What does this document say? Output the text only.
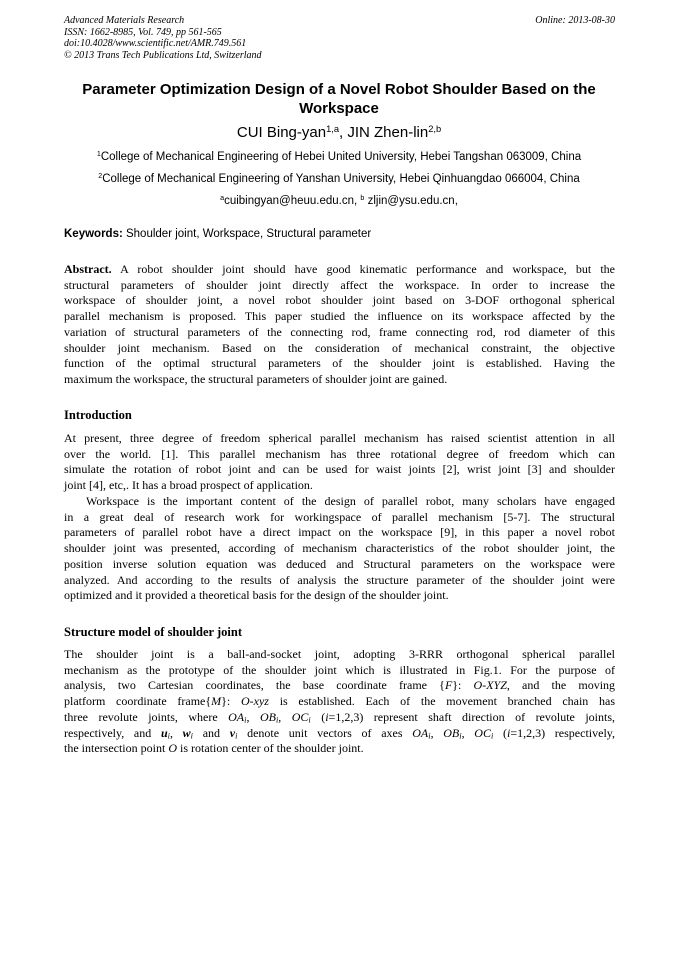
Advanced Materials Research
ISSN: 1662-8985, Vol. 749, pp 561-565
doi:10.4028/www.scientific.net/AMR.749.561
© 2013 Trans Tech Publications Ltd, Switzerland
Online: 2013-08-30
Parameter Optimization Design of a Novel Robot Shoulder Based on the
Workspace
CUI Bing-yan$^{1,a}$, JIN Zhen-lin$^{2,b}$
$^1$College of Mechanical Engineering of Hebei United University, Hebei Tangshan 063009, China
$^2$College of Mechanical Engineering of Yanshan University, Hebei Qinhuangdao 066004, China
$^a$cuibingyan@heuu.edu.cn, $^b$ zljin@ysu.edu.cn,
Keywords: Shoulder joint, Workspace, Structural parameter
Abstract. A robot shoulder joint should have good kinematic performance and workspace, but the
structural parameters of shoulder joint directly affect the workspace. In order to increase the
workspace of shoulder joint, a novel robot shoulder joint based on 3-DOF orthogonal spherical
parallel mechanism is proposed. This paper studied the influence on its workspace affected by the
variation of structural parameters of the connecting rod, frame connecting rod, rod diameter of this
shoulder joint mechanism. Based on the consideration of mechanical constraint, the objective
function of the optimal structural parameters of the shoulder joint is established. Having the
maximum the workspace, the structural parameters of shoulder joint are gained.
Introduction
At present, three degree of freedom spherical parallel mechanism has raised scientist attention in all
over the world. [1]. This parallel mechanism has three rotational degree of freedom which can
simulate the rotation of robot joint and can be used for waist joints [2], wrist joint [3] and shoulder
joint [4], etc,. It has a broad prospect of application.
Workspace is the important content of the design of parallel robot, many scholars have engaged
in a great deal of research work for workingspace of parallel mechanism [5-7]. The structural
parameters of parallel robot have a direct impact on the workspace [9], in this paper a novel robot
shoulder joint was presented, according of mechanism characteristics of the robot shoulder joint, the
position inverse solution equation was deduced and Structural parameters on the workspace were
analyzed. And according to the results of analysis the structure parameter of the shoulder joint were
optimized and it provided a theoretical basis for the design of the shoulder joint.
Structure model of shoulder joint
The shoulder joint is a ball-and-socket joint, adopting 3-RRR orthogonal spherical parallel
mechanism as the prototype of the shoulder joint which is illustrated in Fig.1. For the purpose of
analysis, two Cartesian coordinates, the base coordinate frame {F}: O-XYZ, and the moving
platform coordinate frame{M}: O-xyz is established. Each of the movement branched chain has
three revolute joints, where $OA_i$, $OB_i$, $OC_i$ (i=1,2,3) represent shaft direction of revolute joints,
respectively, and $u_i$, $w_i$ and $v_i$ denote unit vectors of axes $OA_i$, $OB_i$, $OC_i$ (i=1,2,3) respectively,
the intersection point O is rotation center of the shoulder joint.
